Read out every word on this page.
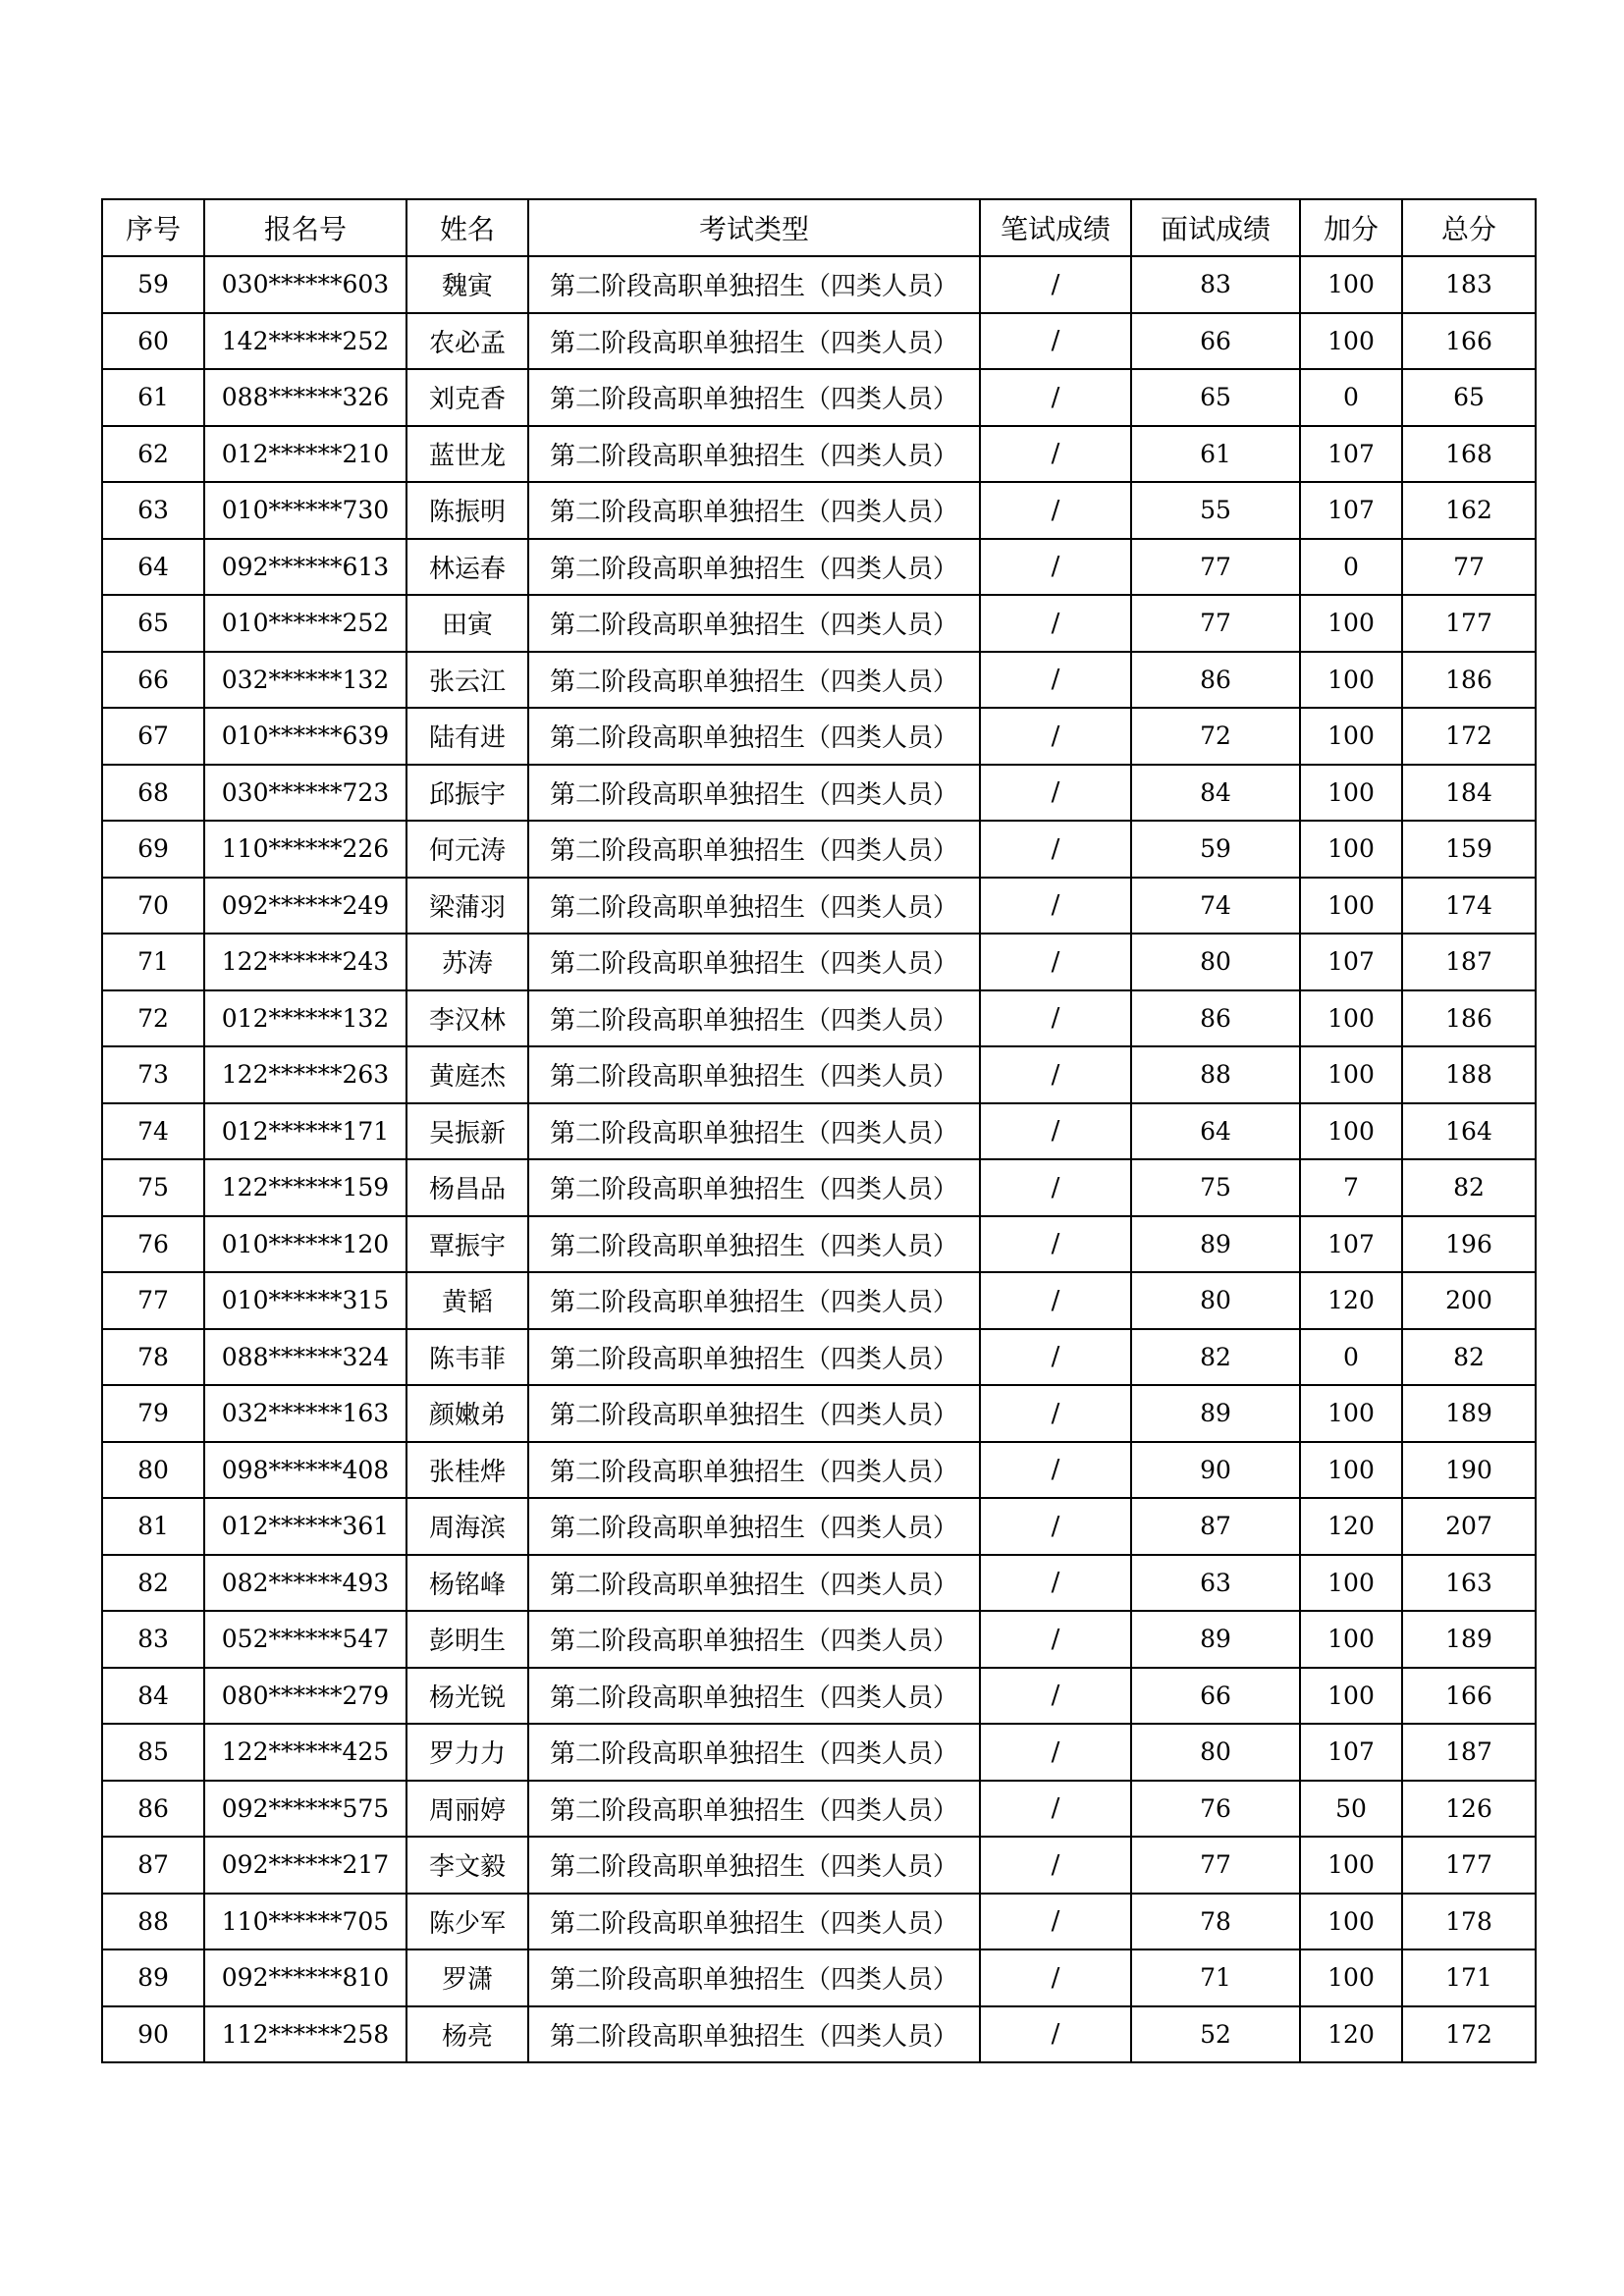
序号	报名号	姓名	考试类型	笔试成绩	面试成绩	加分	总分
59	030******603	魏寅	第二阶段高职单独招生（四类人员）	/	83	100	183
60	142******252	农必孟	第二阶段高职单独招生（四类人员）	/	66	100	166
61	088******326	刘克香	第二阶段高职单独招生（四类人员）	/	65	0	65
62	012******210	蓝世龙	第二阶段高职单独招生（四类人员）	/	61	107	168
63	010******730	陈振明	第二阶段高职单独招生（四类人员）	/	55	107	162
64	092******613	林运春	第二阶段高职单独招生（四类人员）	/	77	0	77
65	010******252	田寅	第二阶段高职单独招生（四类人员）	/	77	100	177
66	032******132	张云江	第二阶段高职单独招生（四类人员）	/	86	100	186
67	010******639	陆有进	第二阶段高职单独招生（四类人员）	/	72	100	172
68	030******723	邱振宇	第二阶段高职单独招生（四类人员）	/	84	100	184
69	110******226	何元涛	第二阶段高职单独招生（四类人员）	/	59	100	159
70	092******249	梁蒲羽	第二阶段高职单独招生（四类人员）	/	74	100	174
71	122******243	苏涛	第二阶段高职单独招生（四类人员）	/	80	107	187
72	012******132	李汉林	第二阶段高职单独招生（四类人员）	/	86	100	186
73	122******263	黄庭杰	第二阶段高职单独招生（四类人员）	/	88	100	188
74	012******171	吴振新	第二阶段高职单独招生（四类人员）	/	64	100	164
75	122******159	杨昌品	第二阶段高职单独招生（四类人员）	/	75	7	82
76	010******120	覃振宇	第二阶段高职单独招生（四类人员）	/	89	107	196
77	010******315	黄韬	第二阶段高职单独招生（四类人员）	/	80	120	200
78	088******324	陈韦菲	第二阶段高职单独招生（四类人员）	/	82	0	82
79	032******163	颜嫩弟	第二阶段高职单独招生（四类人员）	/	89	100	189
80	098******408	张桂烨	第二阶段高职单独招生（四类人员）	/	90	100	190
81	012******361	周海滨	第二阶段高职单独招生（四类人员）	/	87	120	207
82	082******493	杨铭峰	第二阶段高职单独招生（四类人员）	/	63	100	163
83	052******547	彭明生	第二阶段高职单独招生（四类人员）	/	89	100	189
84	080******279	杨光锐	第二阶段高职单独招生（四类人员）	/	66	100	166
85	122******425	罗力力	第二阶段高职单独招生（四类人员）	/	80	107	187
86	092******575	周丽婷	第二阶段高职单独招生（四类人员）	/	76	50	126
87	092******217	李文毅	第二阶段高职单独招生（四类人员）	/	77	100	177
88	110******705	陈少军	第二阶段高职单独招生（四类人员）	/	78	100	178
89	092******810	罗潇	第二阶段高职单独招生（四类人员）	/	71	100	171
90	112******258	杨亮	第二阶段高职单独招生（四类人员）	/	52	120	172
